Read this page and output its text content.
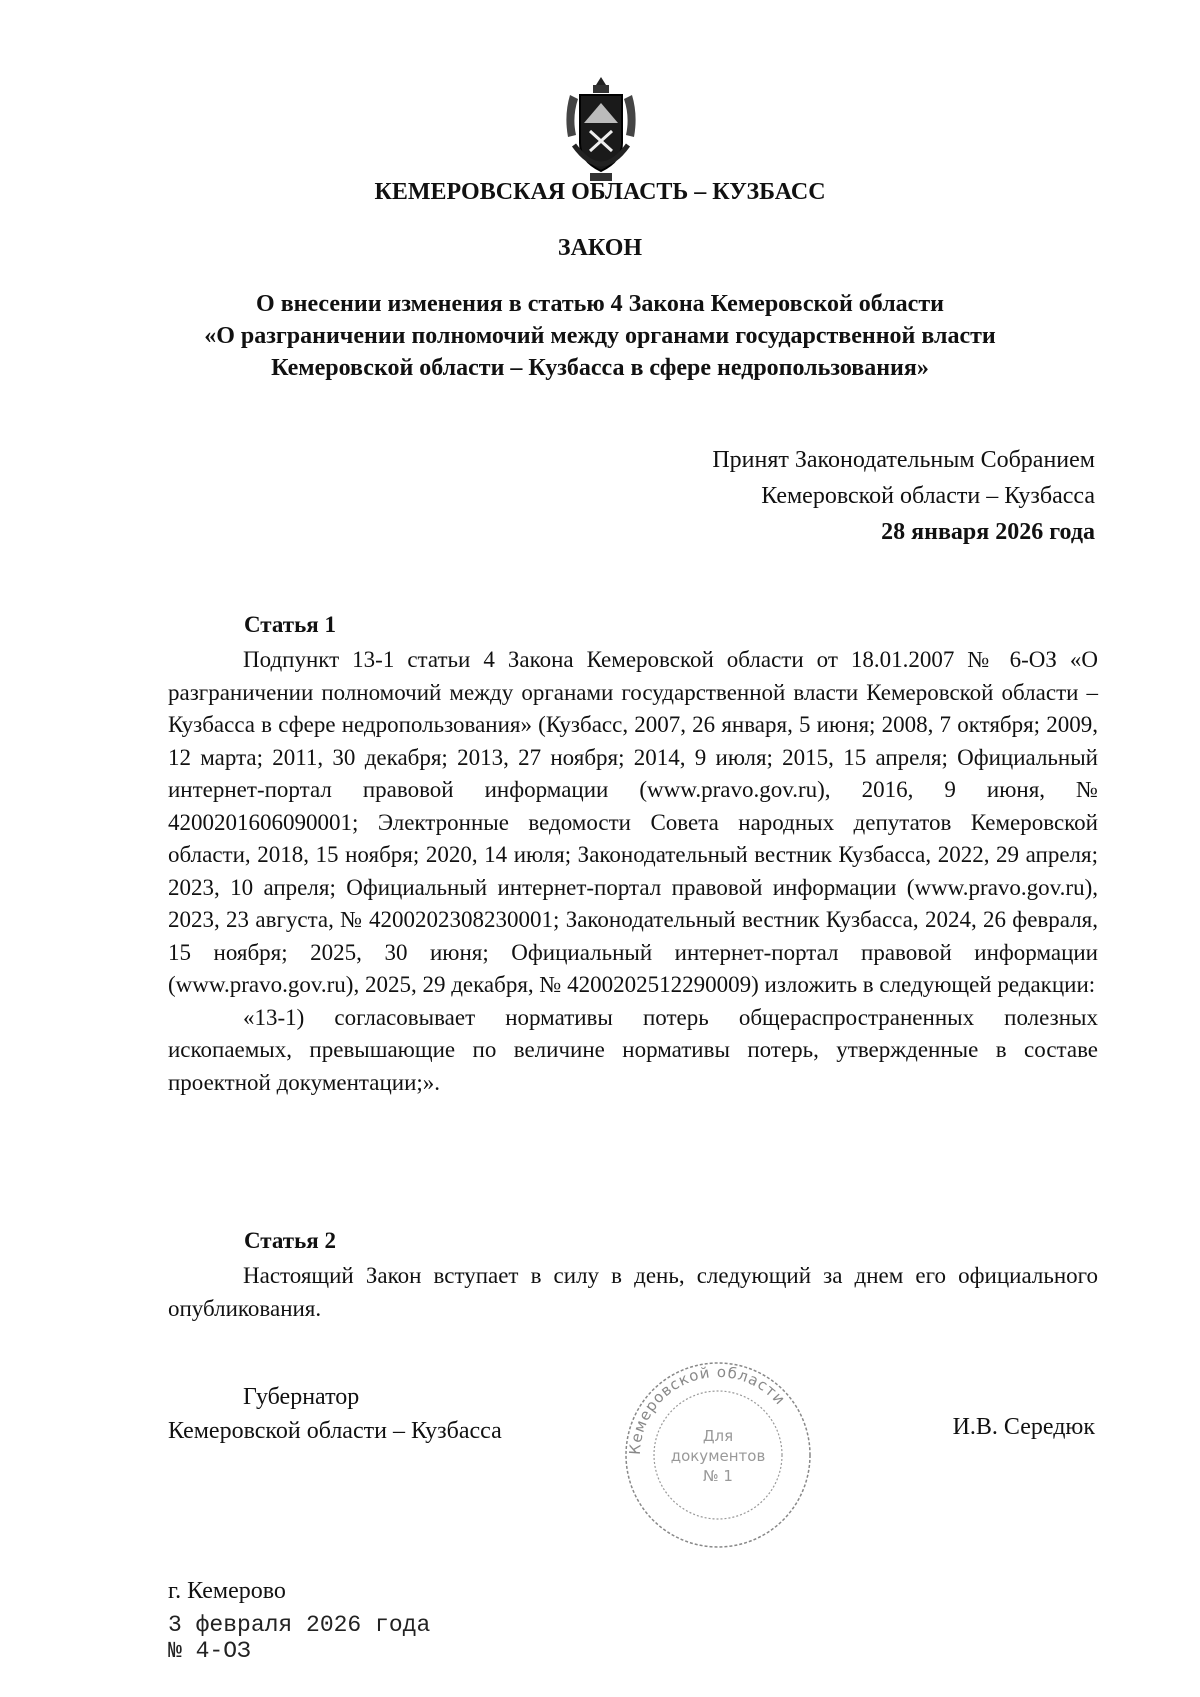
КЕМЕРОВСКАЯ ОБЛАСТЬ – КУЗБАСС
ЗАКОН
О внесении изменения в статью 4 Закона Кемеровской области
«О разграничении полномочий между органами государственной власти
Кемеровской области – Кузбасса в сфере недропользования»
Принят Законодательным Собранием
Кемеровской области – Кузбасса
28 января 2026 года
Статья 1

Подпункт 13-1 статьи 4 Закона Кемеровской области от 18.01.2007 № 6-ОЗ «О разграничении полномочий между органами государственной власти Кемеровской области – Кузбасса в сфере недропользования» (Кузбасс, 2007, 26 января, 5 июня; 2008, 7 октября; 2009, 12 марта; 2011, 30 декабря; 2013, 27 ноября; 2014, 9 июля; 2015, 15 апреля; Официальный интернет-портал правовой информации (www.pravo.gov.ru), 2016, 9 июня, № 4200201606090001; Электронные ведомости Совета народных депутатов Кемеровской области, 2018, 15 ноября; 2020, 14 июля; Законодательный вестник Кузбасса, 2022, 29 апреля; 2023, 10 апреля; Официальный интернет-портал правовой информации (www.pravo.gov.ru), 2023, 23 августа, № 4200202308230001; Законодательный вестник Кузбасса, 2024, 26 февраля, 15 ноября; 2025, 30 июня; Официальный интернет-портал правовой информации (www.pravo.gov.ru), 2025, 29 декабря, № 4200202512290009) изложить в следующей редакции:

«13-1) согласовывает нормативы потерь общераспространенных полезных ископаемых, превышающие по величине нормативы потерь, утвержденные в составе проектной документации;».

Статья 2

Настоящий Закон вступает в силу в день, следующий за днем его официального опубликования.

Губернатор
Кемеровской области – Кузбасса
Кемеровской области
Для
документов
№ 1
И.В. Середюк
г. Кемерово
3 февраля 2026 года
№ 4-ОЗ
